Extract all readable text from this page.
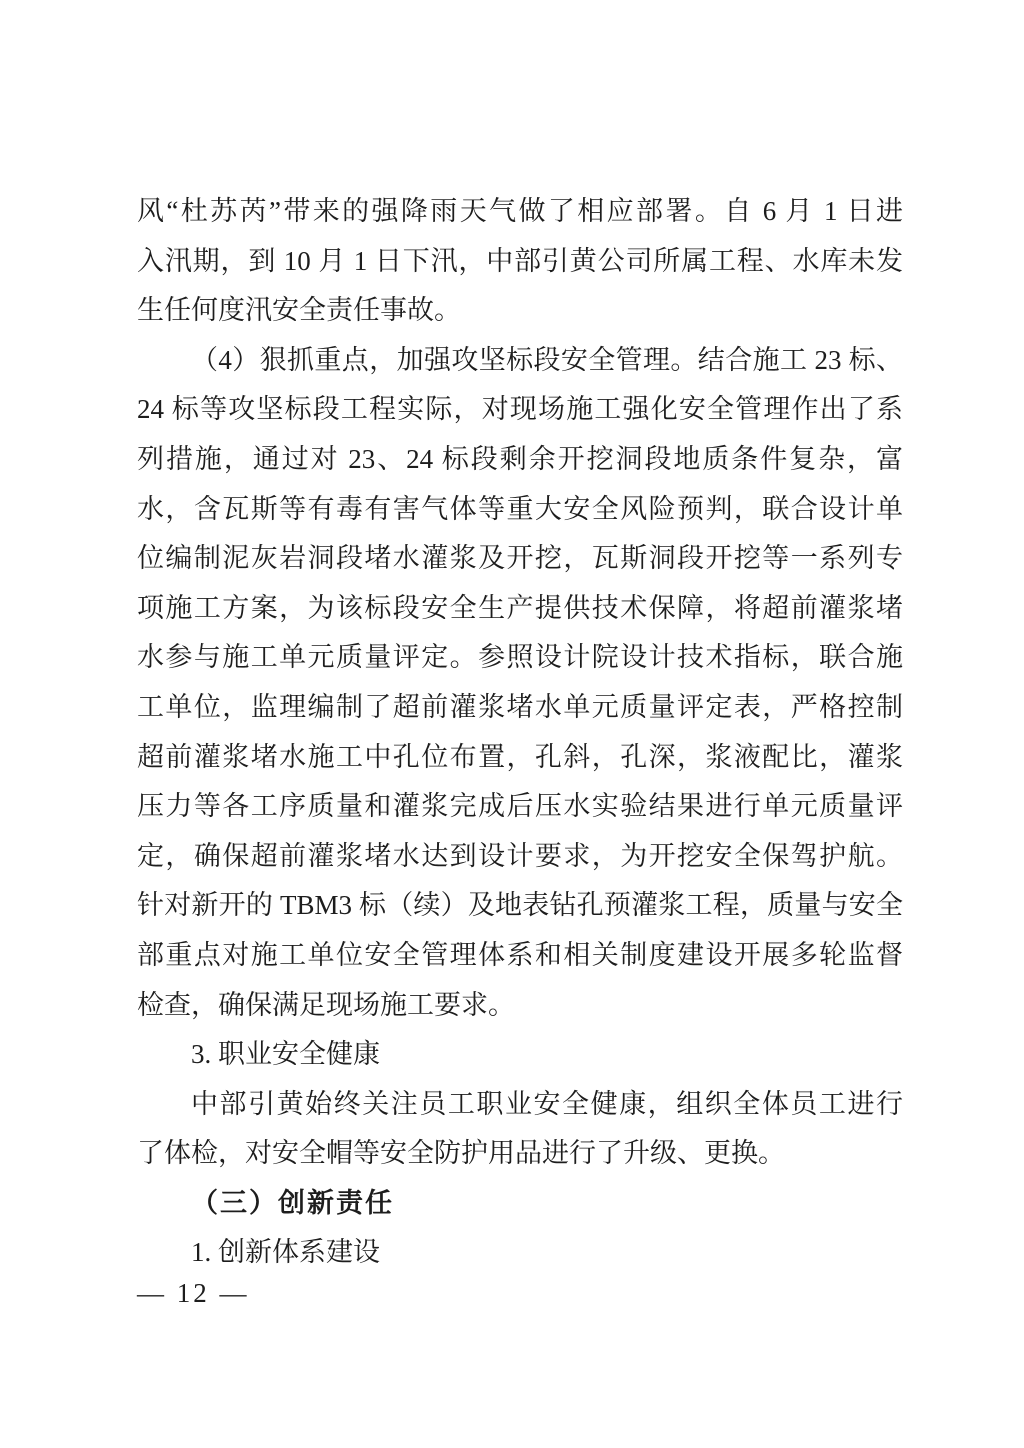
风“杜苏芮”带来的强降雨天气做了相应部署。自 6 月 1 日进
入汛期，到 10 月 1 日下汛，中部引黄公司所属工程、水库未发
生任何度汛安全责任事故。
（4）狠抓重点，加强攻坚标段安全管理。结合施工 23 标、
24 标等攻坚标段工程实际，对现场施工强化安全管理作出了系
列措施，通过对 23、24 标段剩余开挖洞段地质条件复杂，富
水，含瓦斯等有毒有害气体等重大安全风险预判，联合设计单
位编制泥灰岩洞段堵水灌浆及开挖，瓦斯洞段开挖等一系列专
项施工方案，为该标段安全生产提供技术保障，将超前灌浆堵
水参与施工单元质量评定。参照设计院设计技术指标，联合施
工单位，监理编制了超前灌浆堵水单元质量评定表，严格控制
超前灌浆堵水施工中孔位布置，孔斜，孔深，浆液配比，灌浆
压力等各工序质量和灌浆完成后压水实验结果进行单元质量评
定，确保超前灌浆堵水达到设计要求，为开挖安全保驾护航。
针对新开的 TBM3 标（续）及地表钻孔预灌浆工程，质量与安全
部重点对施工单位安全管理体系和相关制度建设开展多轮监督
检查，确保满足现场施工要求。
3. 职业安全健康
中部引黄始终关注员工职业安全健康，组织全体员工进行
了体检，对安全帽等安全防护用品进行了升级、更换。
（三）创新责任
1. 创新体系建设
— 12 —
